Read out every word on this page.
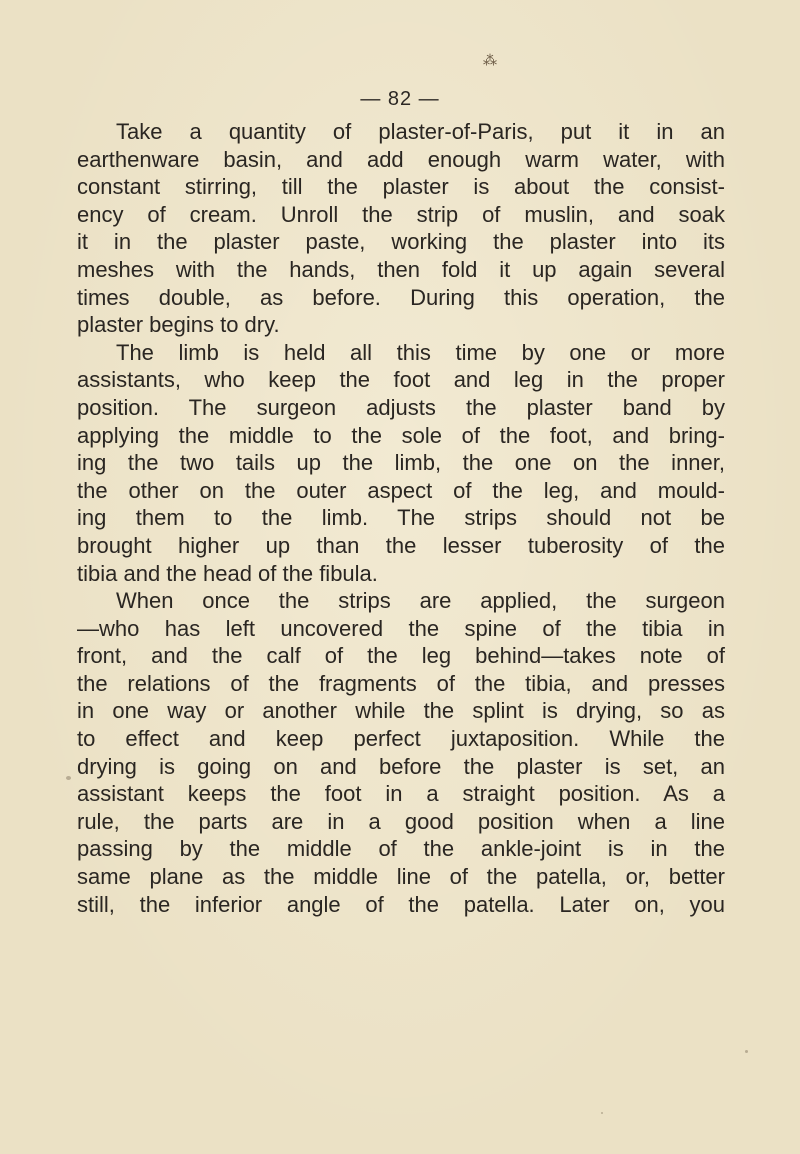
⁂
— 82 —
Take a quantity of plaster-of-Paris, put it in an
earthenware basin, and add enough warm water, with
constant stirring, till the plaster is about the consist-
ency of cream. Unroll the strip of muslin, and soak
it in the plaster paste, working the plaster into its
meshes with the hands, then fold it up again several
times double, as before. During this operation, the
plaster begins to dry.
The limb is held all this time by one or more
assistants, who keep the foot and leg in the proper
position. The surgeon adjusts the plaster band by
applying the middle to the sole of the foot, and bring-
ing the two tails up the limb, the one on the inner,
the other on the outer aspect of the leg, and mould-
ing them to the limb. The strips should not be
brought higher up than the lesser tuberosity of the
tibia and the head of the fibula.
When once the strips are applied, the surgeon
—who has left uncovered the spine of the tibia in
front, and the calf of the leg behind—takes note of
the relations of the fragments of the tibia, and presses
in one way or another while the splint is drying, so as
to effect and keep perfect juxtaposition. While the
drying is going on and before the plaster is set, an
assistant keeps the foot in a straight position. As a
rule, the parts are in a good position when a line
passing by the middle of the ankle-joint is in the
same plane as the middle line of the patella, or, better
still, the inferior angle of the patella. Later on, you
